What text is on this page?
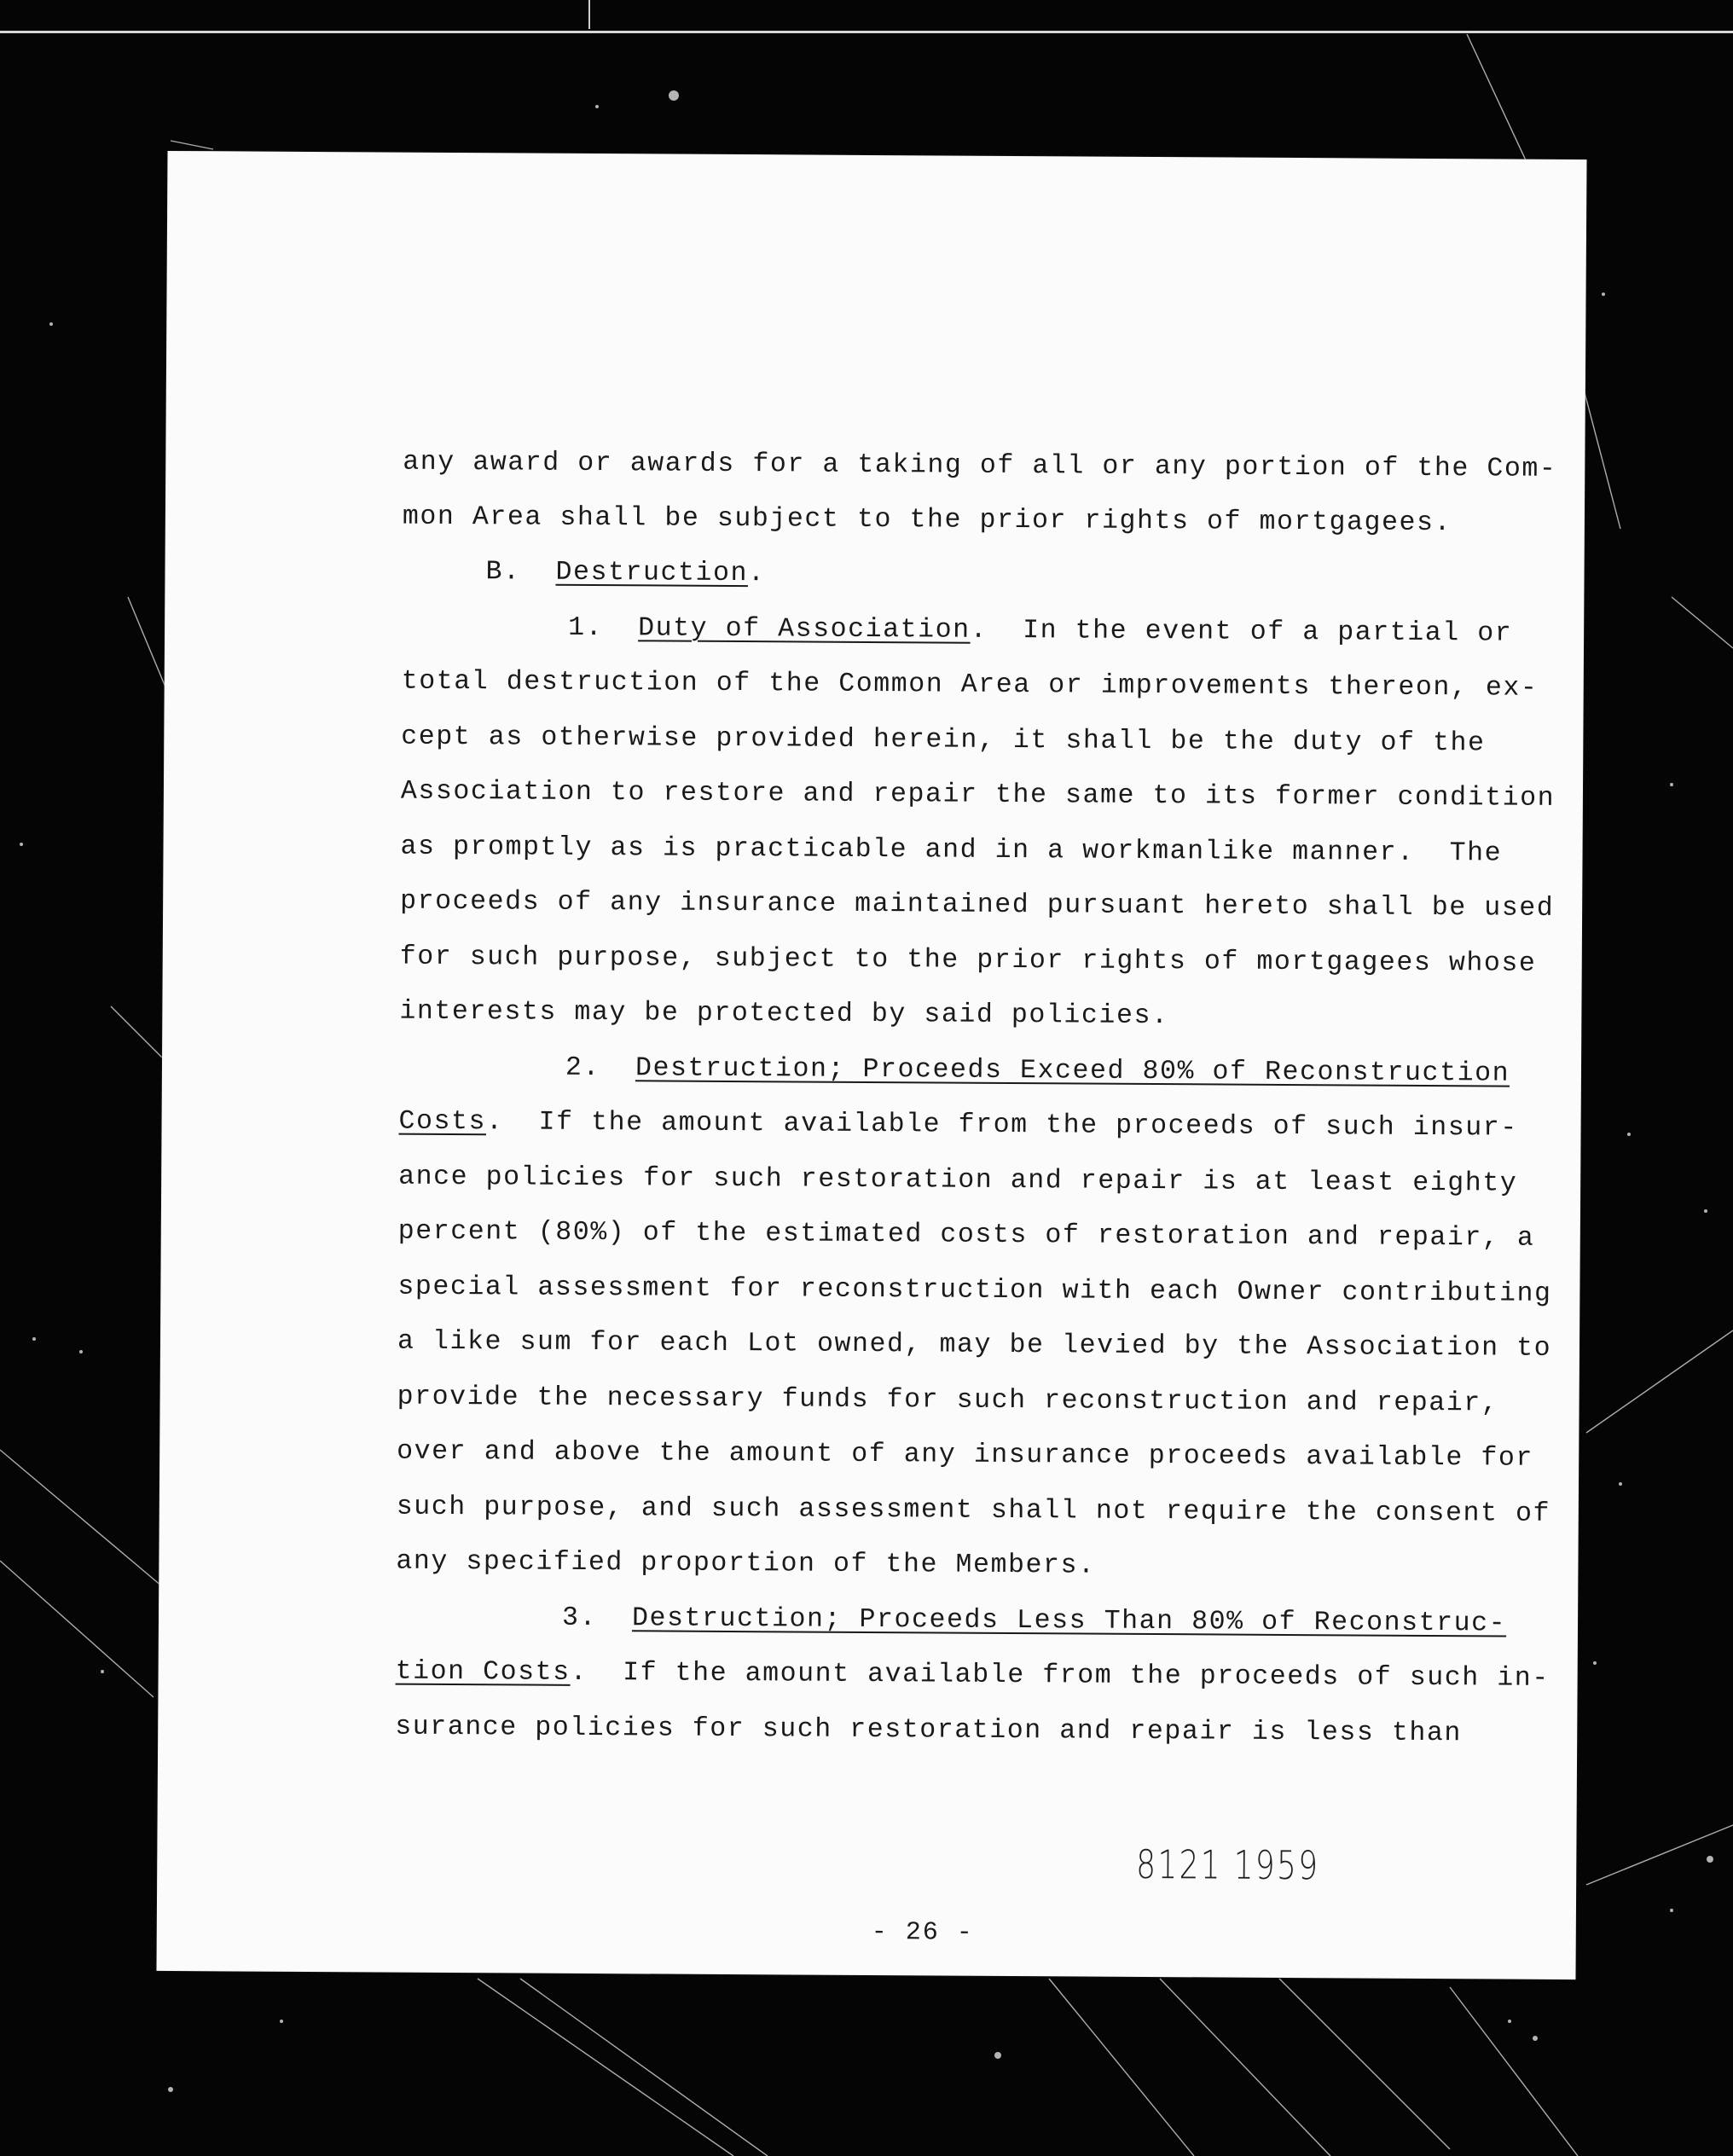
any award or awards for a taking of all or any portion of the Com-
mon Area shall be subject to the prior rights of mortgagees.
B.  Destruction.
1.  Duty of Association.  In the event of a partial or
total destruction of the Common Area or improvements thereon, ex-
cept as otherwise provided herein, it shall be the duty of the
Association to restore and repair the same to its former condition
as promptly as is practicable and in a workmanlike manner.  The
proceeds of any insurance maintained pursuant hereto shall be used
for such purpose, subject to the prior rights of mortgagees whose
interests may be protected by said policies.
2.  Destruction; Proceeds Exceed 80% of Reconstruction
Costs.  If the amount available from the proceeds of such insur-
ance policies for such restoration and repair is at least eighty
percent (80%) of the estimated costs of restoration and repair, a
special assessment for reconstruction with each Owner contributing
a like sum for each Lot owned, may be levied by the Association to
provide the necessary funds for such reconstruction and repair,
over and above the amount of any insurance proceeds available for
such purpose, and such assessment shall not require the consent of
any specified proportion of the Members.
3.  Destruction; Proceeds Less Than 80% of Reconstruc-
tion Costs.  If the amount available from the proceeds of such in-
surance policies for such restoration and repair is less than
8121 1959
- 26 -
